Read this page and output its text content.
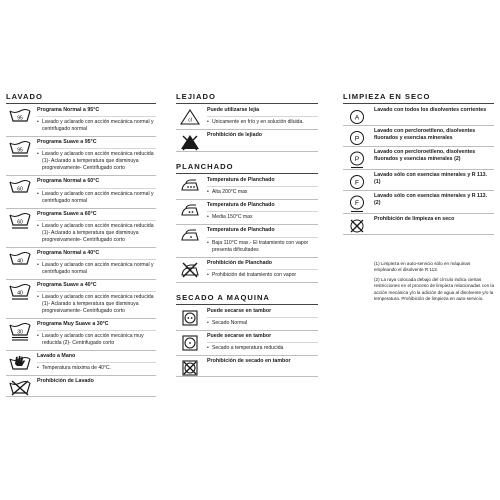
LAVADO
95
Programa Normal a 95°C
• Lavado y aclarado con acción mecánica normal y centrifugado normal
95
Programa Suave a 95°C
• Lavado y aclarado con acción mecánica reducida (1)- Aclarado a temperatura que disminuya progresivamente- Centrifugado corto
60
Programa Normal a 60°C
• Lavado y aclarado con acción mecánica normal y centrifugado normal
60
Programa Suave a 60°C
• Lavado y aclarado con acción mecánica reducida (1)- Aclarado a temperatura que disminuya progresivamente- Centrifugado corto
40
Programa Normal a 40°C
• Lavado y aclarado con acción mecánica normal y centrifugado normal
40
Programa Suave a 40°C
• Lavado y aclarado con acción mecánica reducida (1)- Aclarado a temperatura que disminuya progresivamente- Centrifugado corto
30
Programa Muy Suave a 30°C
• Lavado y aclarado con acción mecánica muy reducida (2)- Centrifugado corto
Lavado a Mano
• Temperatura máxima de 40°C.
Prohibición de Lavado
LEJIADO
cl
Puede utilizarse lejía
• Unicamente en frío y en solución diluida.
Prohibición de lejiado
PLANCHADO
Temperatura de Planchado
• Alta 200°C max
Temperatura de Planchado
• Media 150°C max
Temperatura de Planchado
• Baja 110°C max.- El tratamiento con vapor presenta dificultades
Prohibición de Planchado
• Prohibición del tratamiento con vapor
SECADO A MAQUINA
Puede secarse en tambor
• Secado Normal
Puede secarse en tambor
• Secado a temperatura reducida
Prohibición de secado en tambor
LIMPIEZA EN SECO
A
Lavado con todos los disolventes corrientes
P
Lavado con percloroetileno, disolventes fluorados y esencias minerales
P
Lavado con percloroetileno, disolventes fluorados y esencias minerales (2)
F
Lavado sólo con esencias minerales y R 113. (1)
F
Lavado sólo con esencias minerales y R 113. (2)
Prohibición de limpieza en seco

(1) Limpieza en auto-servicio sólo en máquinas empleando el disolvente R 113.

(2) La raya colocada debajo del círculo indica ciertas restricciones en el proceso de limpieza relacionadas con la acción mecánica y/o la adición de agua al disolvente y/o la temperatura. Prohibición de limpieza en auto-servicio.
